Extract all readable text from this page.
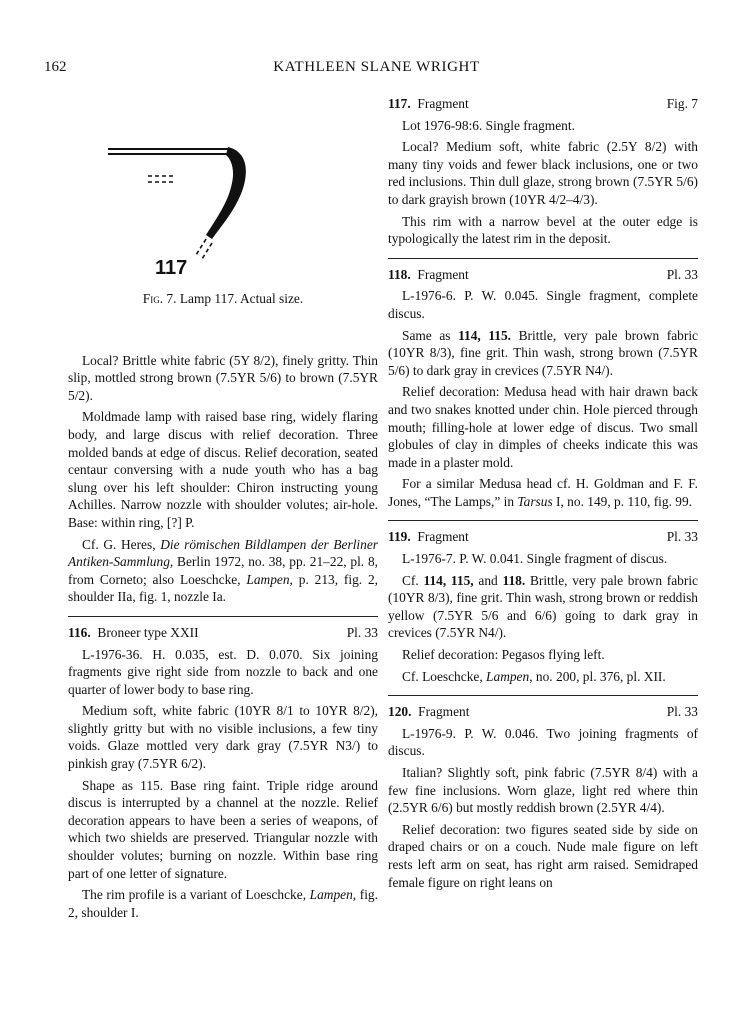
162	KATHLEEN SLANE WRIGHT
117

Fig. 7. Lamp 117. Actual size.

Local? Brittle white fabric (5Y 8/2), finely gritty. Thin slip, mottled strong brown (7.5YR 5/6) to brown (7.5YR 5/2).

Moldmade lamp with raised base ring, widely flaring body, and large discus with relief decoration. Three molded bands at edge of discus. Relief decoration, seated centaur conversing with a nude youth who has a bag slung over his left shoulder: Chiron instructing young Achilles. Narrow nozzle with shoulder volutes; air-hole. Base: within ring, [?] P.

Cf. G. Heres, Die römischen Bildlampen der Berliner Antiken-Sammlung, Berlin 1972, no. 38, pp. 21–22, pl. 8, from Corneto; also Loeschcke, Lampen, p. 213, fig. 2, shoulder IIa, fig. 1, nozzle Ia.

116. Broneer type XXII	Pl. 33

L-1976-36. H. 0.035, est. D. 0.070. Six joining fragments give right side from nozzle to back and one quarter of lower body to base ring.

Medium soft, white fabric (10YR 8/1 to 10YR 8/2), slightly gritty but with no visible inclusions, a few tiny voids. Glaze mottled very dark gray (7.5YR N3/) to pinkish gray (7.5YR 6/2).

Shape as 115. Base ring faint. Triple ridge around discus is interrupted by a channel at the nozzle. Relief decoration appears to have been a series of weapons, of which two shields are preserved. Triangular nozzle with shoulder volutes; burning on nozzle. Within base ring part of one letter of signature.

The rim profile is a variant of Loeschcke, Lampen, fig. 2, shoulder I.

117. Fragment	Fig. 7

Lot 1976-98:6. Single fragment.

Local? Medium soft, white fabric (2.5Y 8/2) with many tiny voids and fewer black inclusions, one or two red inclusions. Thin dull glaze, strong brown (7.5YR 5/6) to dark grayish brown (10YR 4/2–4/3).

This rim with a narrow bevel at the outer edge is typologically the latest rim in the deposit.

118. Fragment	Pl. 33

L-1976-6. P. W. 0.045. Single fragment, complete discus.

Same as 114, 115. Brittle, very pale brown fabric (10YR 8/3), fine grit. Thin wash, strong brown (7.5YR 5/6) to dark gray in crevices (7.5YR N4/).

Relief decoration: Medusa head with hair drawn back and two snakes knotted under chin. Hole pierced through mouth; filling-hole at lower edge of discus. Two small globules of clay in dimples of cheeks indicate this was made in a plaster mold.

For a similar Medusa head cf. H. Goldman and F. F. Jones, “The Lamps,” in Tarsus I, no. 149, p. 110, fig. 99.

119. Fragment	Pl. 33

L-1976-7. P. W. 0.041. Single fragment of discus.

Cf. 114, 115, and 118. Brittle, very pale brown fabric (10YR 8/3), fine grit. Thin wash, strong brown or reddish yellow (7.5YR 5/6 and 6/6) going to dark gray in crevices (7.5YR N4/).

Relief decoration: Pegasos flying left.

Cf. Loeschcke, Lampen, no. 200, pl. 376, pl. XII.

120. Fragment	Pl. 33

L-1976-9. P. W. 0.046. Two joining fragments of discus.

Italian? Slightly soft, pink fabric (7.5YR 8/4) with a few fine inclusions. Worn glaze, light red where thin (2.5YR 6/6) but mostly reddish brown (2.5YR 4/4).

Relief decoration: two figures seated side by side on draped chairs or on a couch. Nude male figure on left rests left arm on seat, has right arm raised. Semidraped female figure on right leans on
